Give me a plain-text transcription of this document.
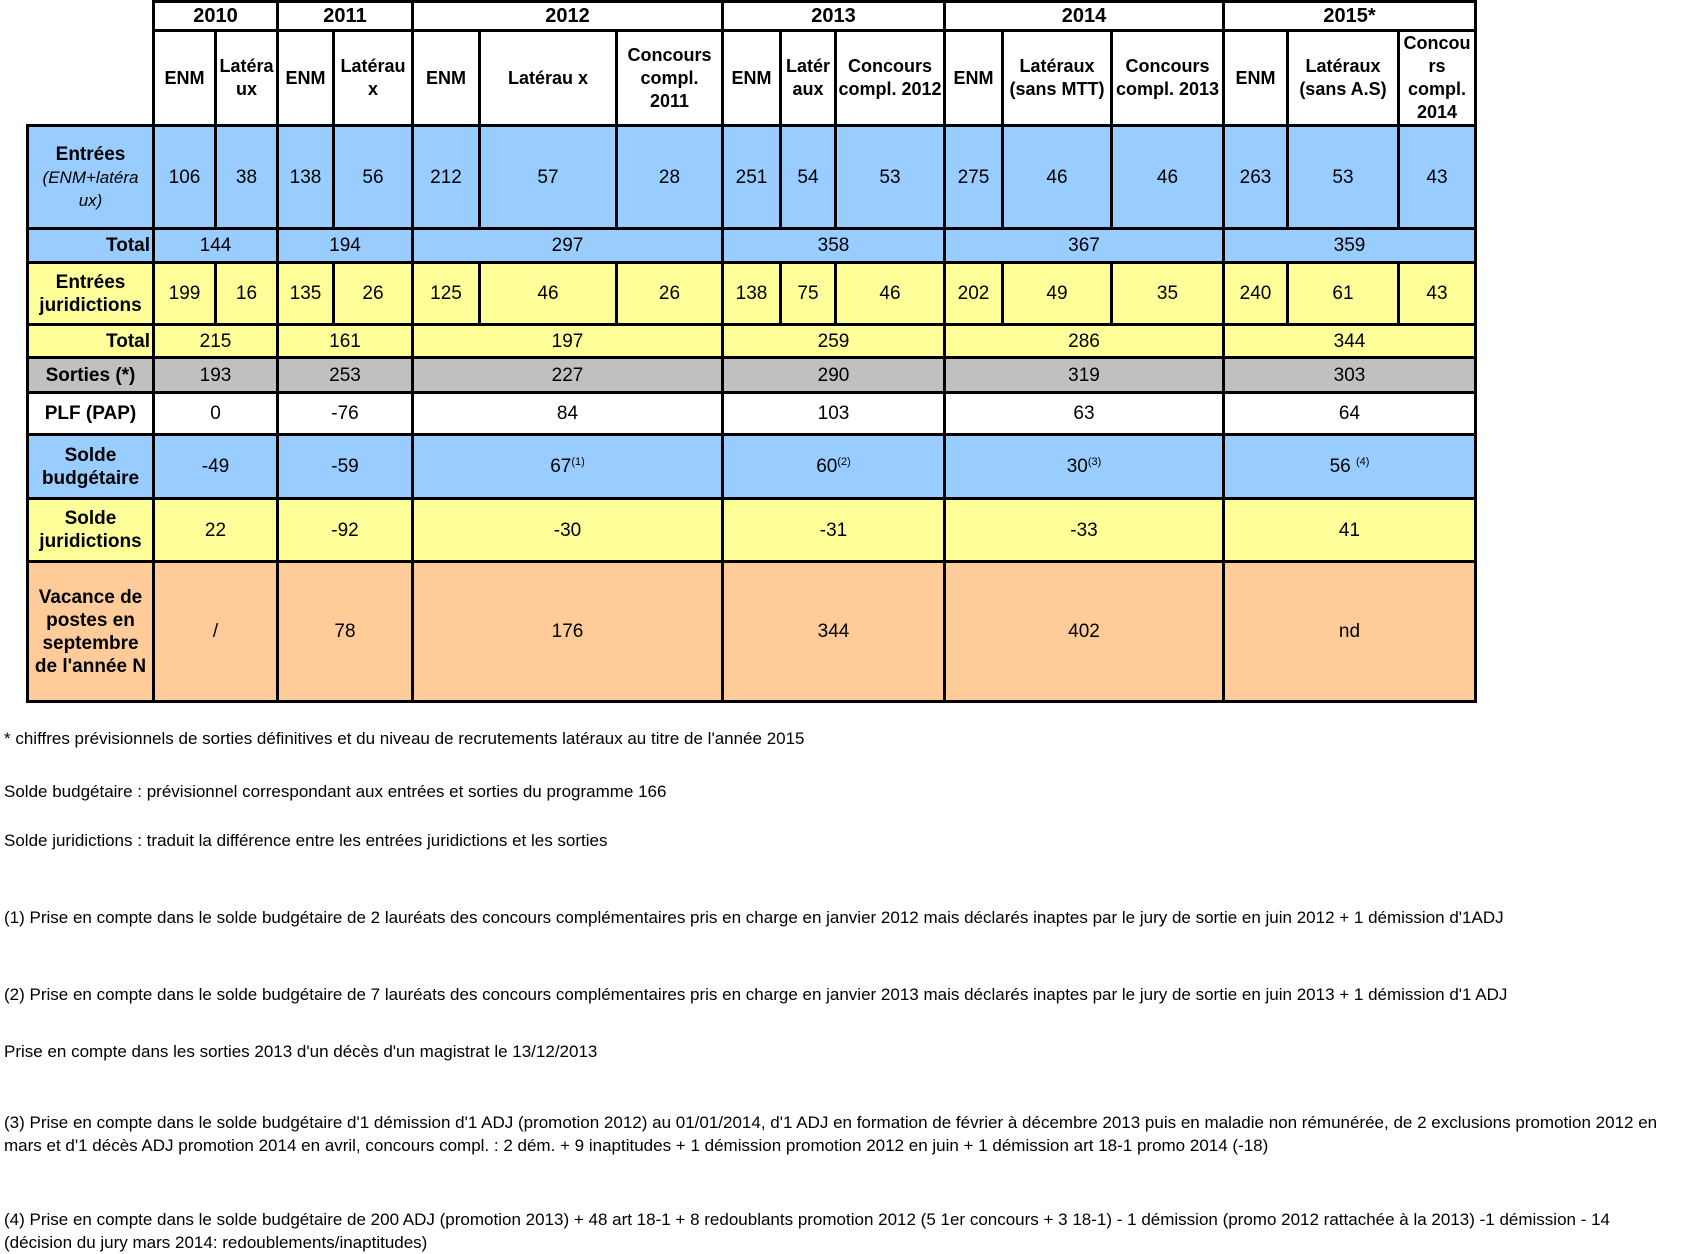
	2010		2011		2012			2013			2014			2015*		
	ENM	Latéra ux	ENM	Latérau x	ENM	Latérau x	Concours compl. 2011	ENM	Latér aux	Concours compl. 2012	ENM	Latéraux (sans MTT)	Concours compl. 2013	ENM	Latéraux (sans A.S)	Concou rs compl. 2014

Entrées
(ENM+latéra ux)	106	38	138	56	212	57	28	251	54	53	275	46	46	263	53	43
Total	144		194		297			358			367			359		
Entrées juridictions	199	16	135	26	125	46	26	138	75	46	202	49	35	240	61	43
Total	215		161		197			259			286			344		
Sorties (*)	193		253		227			290			319			303		
PLF (PAP)	0		-76		84			103			63			64		
Solde budgétaire	-49		-59		67$^{(1)}$			60$^{(2)}$			30$^{(3)}$			56 $^{(4)}$
Solde juridictions	22		-92		-30			-31			-33			41		
Vacance de postes en septembre de l'année N	/		78		176			344			402			nd		

* chiffres prévisionnels de sorties définitives et du niveau de recrutements latéraux au titre de l'année 2015

Solde budgétaire : prévisionnel correspondant aux entrées et sorties du programme 166

Solde juridictions : traduit la différence entre les entrées juridictions et les sorties

(1) Prise en compte dans le solde budgétaire de 2 lauréats des concours complémentaires pris en charge en janvier 2012 mais déclarés inaptes par le jury de sortie en juin 2012 + 1 démission d'1ADJ

(2) Prise en compte dans le solde budgétaire de 7 lauréats des concours complémentaires pris en charge en janvier 2013 mais déclarés inaptes par le jury de sortie en juin 2013 + 1 démission d'1 ADJ

Prise en compte dans les sorties 2013 d'un décès d'un magistrat le 13/12/2013

(3) Prise en compte dans le solde budgétaire d'1 démission d'1 ADJ (promotion 2012) au 01/01/2014, d'1 ADJ en formation de février à décembre 2013 puis en maladie non rémunérée, de 2 exclusions promotion 2012 en mars et d'1 décès ADJ promotion 2014 en avril, concours compl. : 2 dém. + 9 inaptitudes + 1 démission promotion 2012 en juin + 1 démission art 18-1 promo 2014 (-18)

(4) Prise en compte dans le solde budgétaire de 200 ADJ (promotion 2013) + 48 art 18-1 + 8 redoublants promotion 2012 (5 1er concours + 3 18-1) - 1 démission (promo 2012 rattachée à la 2013) -1 démission - 14 (décision du jury mars 2014: redoublements/inaptitudes)
